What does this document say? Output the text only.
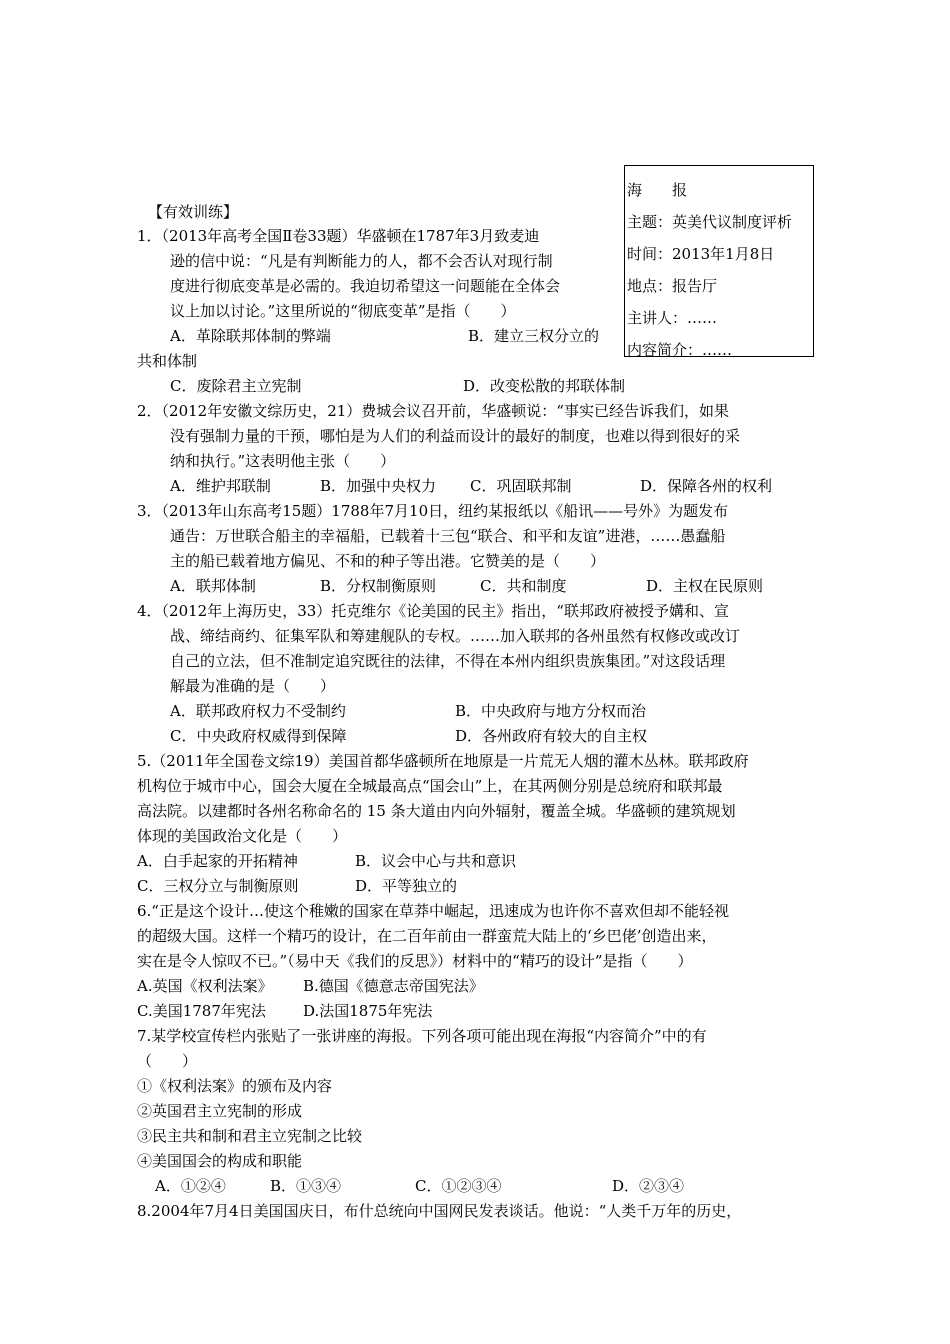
海　　报
主题：英美代议制度评析
时间：2013年1月8日
地点：报告厅
主讲人：……
内容简介：……
【有效训练】
1．（2013年高考全国Ⅱ卷33题）华盛顿在1787年3月致麦迪
逊的信中说：“凡是有判断能力的人，都不会否认对现行制
度进行彻底变革是必需的。我迫切希望这一问题能在全体会
议上加以讨论。”这里所说的“彻底变革”是指（　　）
A．革除联邦体制的弊端	B．建立三权分立的
共和体制
C．废除君主立宪制	D．改变松散的邦联体制
2．（2012年安徽文综历史，21）费城会议召开前，华盛顿说：“事实已经告诉我们，如果
没有强制力量的干预，哪怕是为人们的利益而设计的最好的制度，也难以得到很好的采
纳和执行。”这表明他主张（　　）
A．维护邦联制	B．加强中央权力 C．巩固联邦制	D．保障各州的权利
3．（2013年山东高考15题）1788年7月10日，纽约某报纸以《船讯——号外》为题发布
通告：万世联合船主的幸福船，已载着十三包“联合、和平和友谊”进港，……愚蠢船
主的船已载着地方偏见、不和的种子等出港。它赞美的是（　　）
A．联邦体制	B．分权制衡原则	C．共和制度	D．主权在民原则
4．（2012年上海历史，33）托克维尔《论美国的民主》指出，“联邦政府被授予媾和、宣
战、缔结商约、征集军队和筹建舰队的专权。……加入联邦的各州虽然有权修改或改订
自己的立法，但不准制定追究既往的法律，不得在本州内组织贵族集团。”对这段话理
解最为准确的是（　　）
A．联邦政府权力不受制约	B．中央政府与地方分权而治
C．中央政府权威得到保障	D．各州政府有较大的自主权
5.（2011年全国卷文综19）美国首都华盛顿所在地原是一片荒无人烟的灌木丛林。联邦政府
机构位于城市中心，国会大厦在全城最高点“国会山”上，在其两侧分别是总统府和联邦最
高法院。以建都时各州名称命名的 15 条大道由内向外辐射，覆盖全城。华盛顿的建筑规划
体现的美国政治文化是（　　）
A．白手起家的开拓精神	B．议会中心与共和意识
C．三权分立与制衡原则	D．平等独立的
6.“正是这个设计…使这个稚嫩的国家在草莽中崛起，迅速成为也许你不喜欢但却不能轻视
的超级大国。这样一个精巧的设计，在二百年前由一群蛮荒大陆上的‘乡巴佬’创造出来，
实在是令人惊叹不已。”（易中天《我们的反思》）材料中的“精巧的设计”是指（　　）
A.英国《权利法案》 B.德国《德意志帝国宪法》
C.美国1787年宪法 D.法国1875年宪法
7.某学校宣传栏内张贴了一张讲座的海报。下列各项可能出现在海报“内容简介”中的有
（　　）
①《权利法案》的颁布及内容
②英国君主立宪制的形成
③民主共和制和君主立宪制之比较
④美国国会的构成和职能
A．①②④	B．①③④	C．①②③④	D．②③④
8.2004年7月4日美国国庆日，布什总统向中国网民发表谈话。他说：“人类千万年的历史，
